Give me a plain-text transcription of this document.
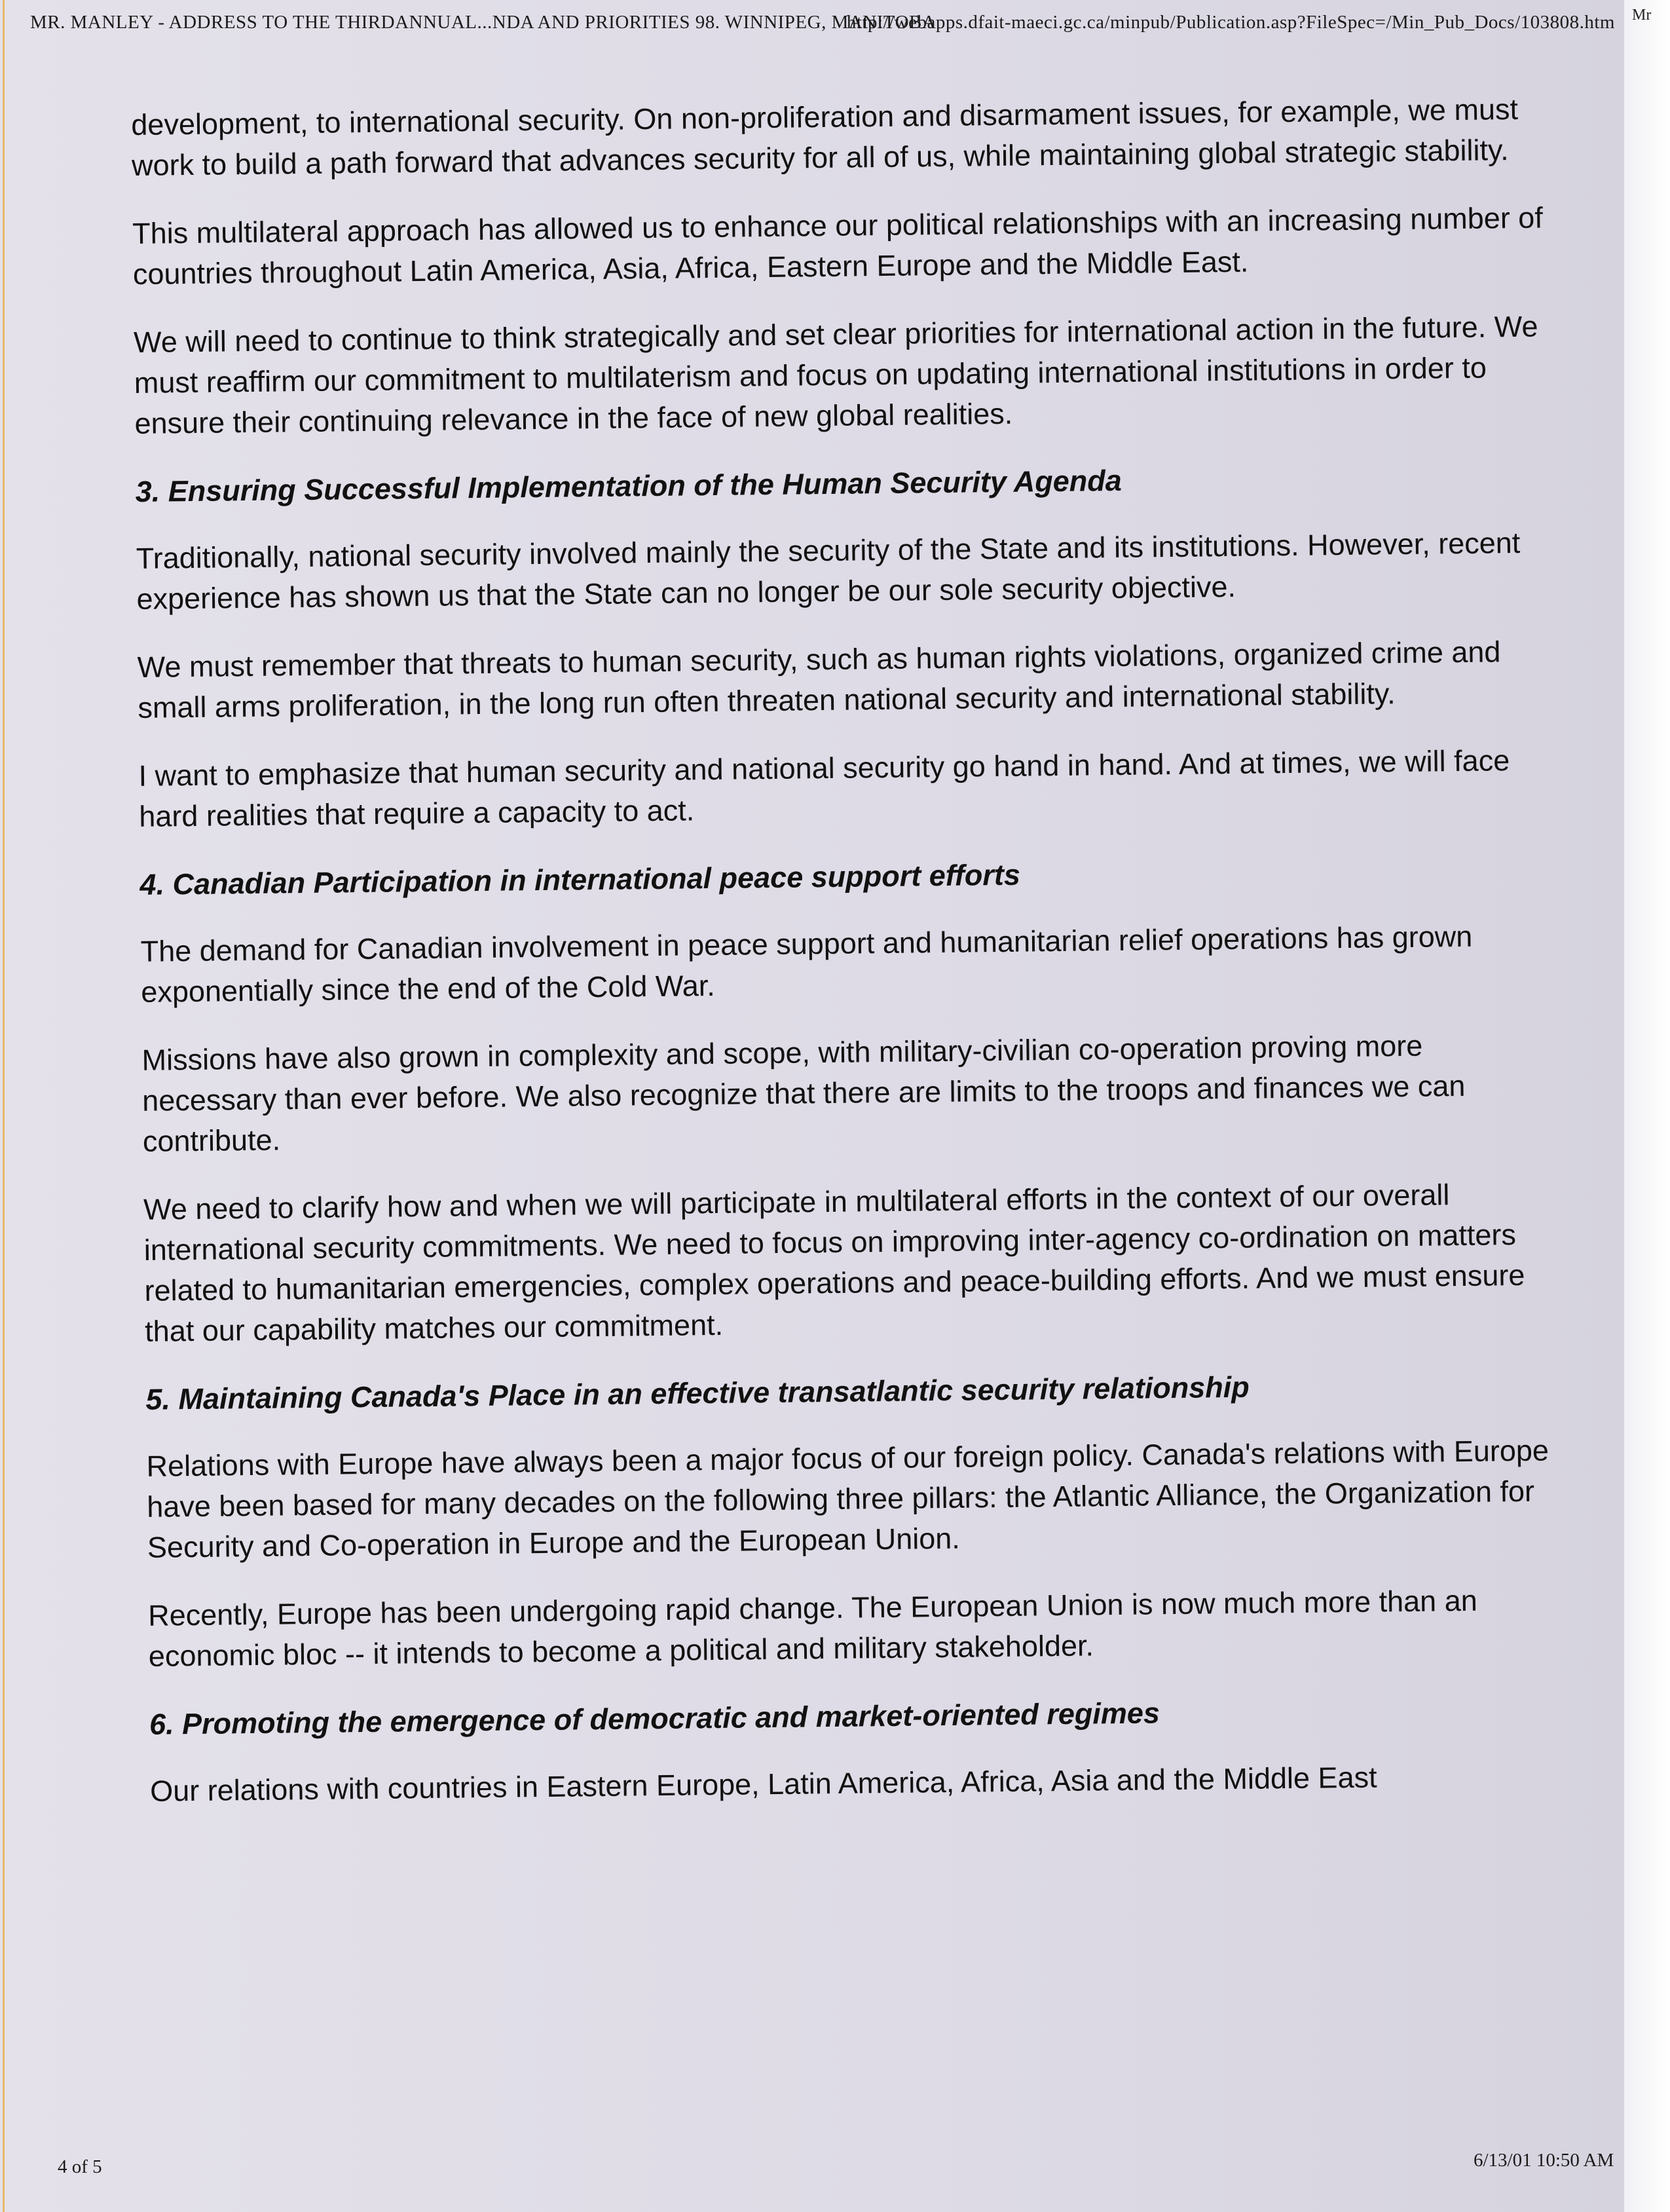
MR. MANLEY - ADDRESS TO THE THIRDANNUAL...NDA AND PRIORITIES 98. WINNIPEG, MANITOBA
http://webapps.dfait-maeci.gc.ca/minpub/Publication.asp?FileSpec=/Min_Pub_Docs/103808.htm

development, to international security. On non-proliferation and disarmament issues, for example, we must work to build a path forward that advances security for all of us, while maintaining global strategic stability.

This multilateral approach has allowed us to enhance our political relationships with an increasing number of countries throughout Latin America, Asia, Africa, Eastern Europe and the Middle East.

We will need to continue to think strategically and set clear priorities for international action in the future. We must reaffirm our commitment to multilaterism and focus on updating international institutions in order to ensure their continuing relevance in the face of new global realities.

3. Ensuring Successful Implementation of the Human Security Agenda

Traditionally, national security involved mainly the security of the State and its institutions. However, recent experience has shown us that the State can no longer be our sole security objective.

We must remember that threats to human security, such as human rights violations, organized crime and small arms proliferation, in the long run often threaten national security and international stability.

I want to emphasize that human security and national security go hand in hand. And at times, we will face hard realities that require a capacity to act.

4. Canadian Participation in international peace support efforts

The demand for Canadian involvement in peace support and humanitarian relief operations has grown exponentially since the end of the Cold War.

Missions have also grown in complexity and scope, with military-civilian co-operation proving more necessary than ever before. We also recognize that there are limits to the troops and finances we can contribute.

We need to clarify how and when we will participate in multilateral efforts in the context of our overall international security commitments. We need to focus on improving inter-agency co-ordination on matters related to humanitarian emergencies, complex operations and peace-building efforts. And we must ensure that our capability matches our commitment.

5. Maintaining Canada's Place in an effective transatlantic security relationship

Relations with Europe have always been a major focus of our foreign policy. Canada's relations with Europe have been based for many decades on the following three pillars: the Atlantic Alliance, the Organization for Security and Co-operation in Europe and the European Union.

Recently, Europe has been undergoing rapid change. The European Union is now much more than an economic bloc -- it intends to become a political and military stakeholder.

6. Promoting the emergence of democratic and market-oriented regimes

Our relations with countries in Eastern Europe, Latin America, Africa, Asia and the Middle East

4 of 5	6/13/01 10:50 AM
Mr
